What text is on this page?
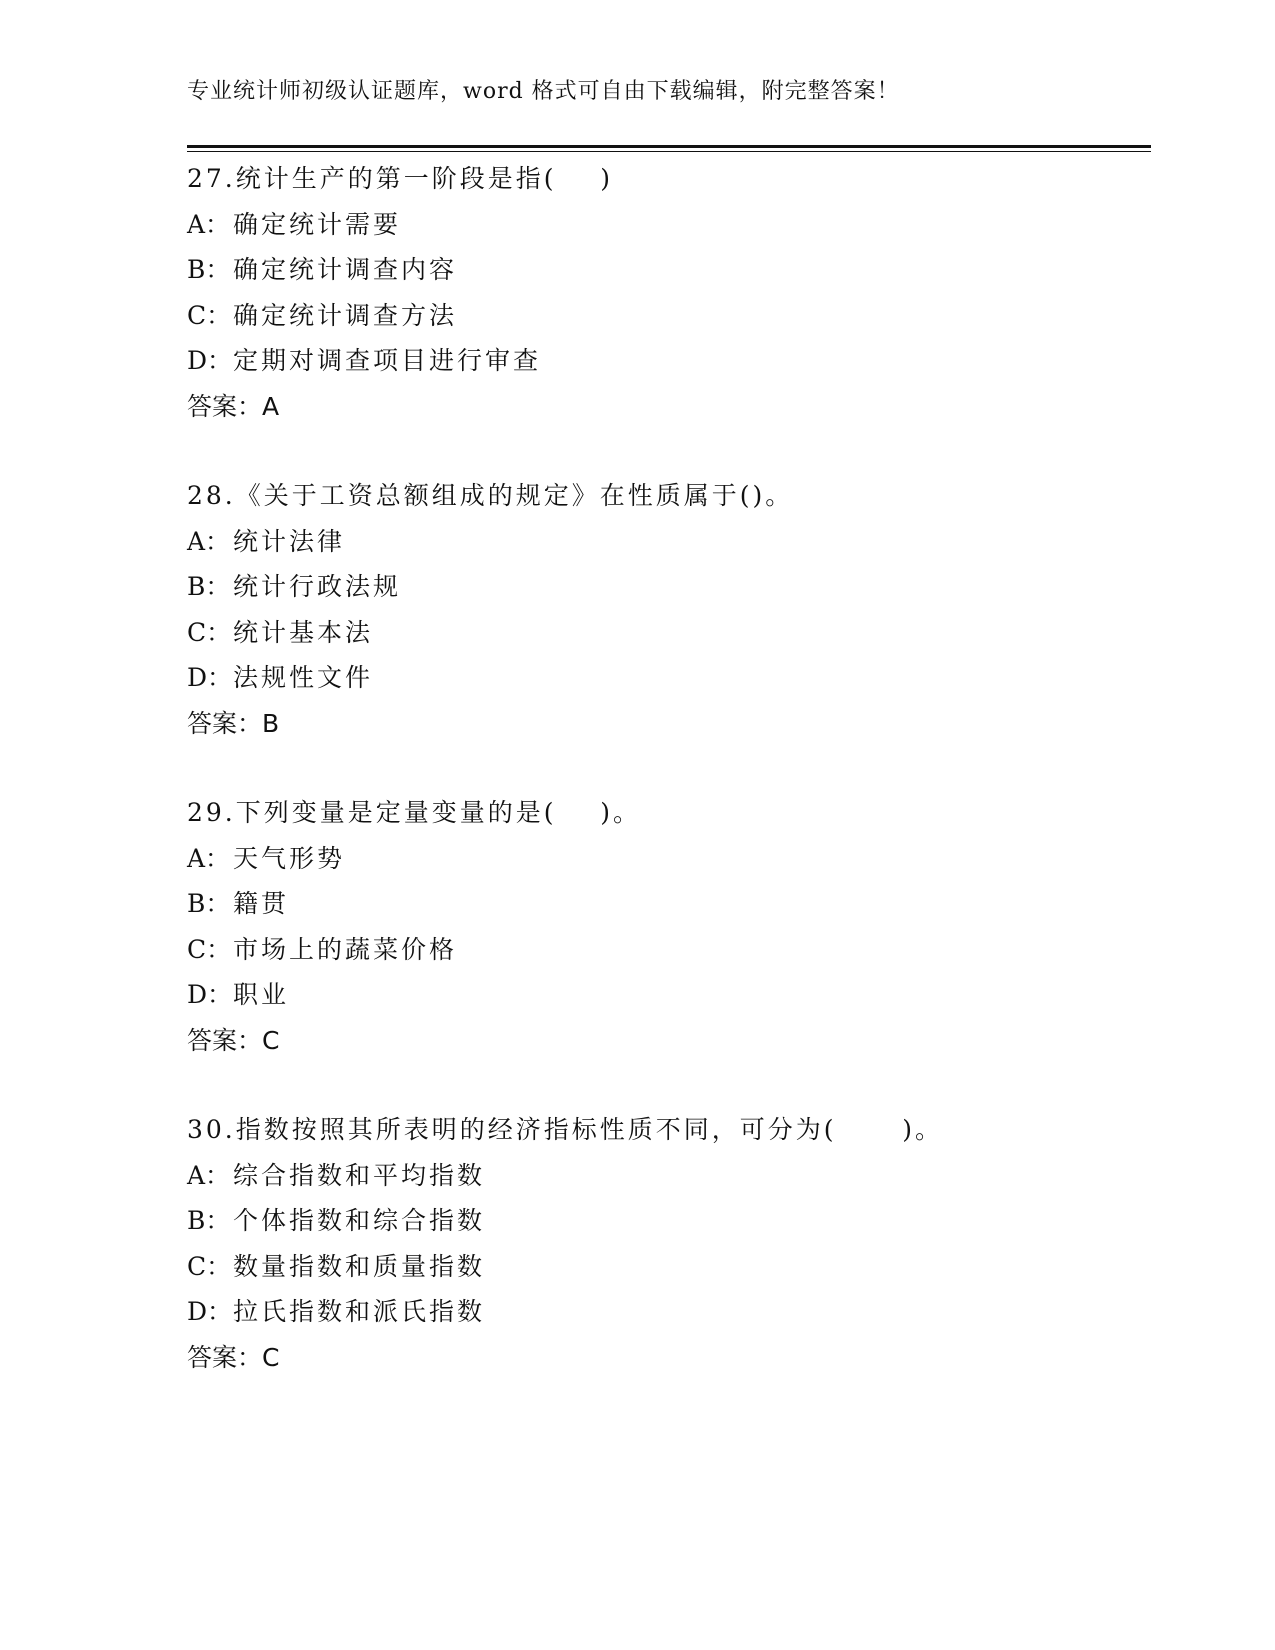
专业统计师初级认证题库，word 格式可自由下载编辑，附完整答案！
27.统计生产的第一阶段是指(    )
A： 确定统计需要
B： 确定统计调查内容
C：确定统计调查方法
D：定期对调查项目进行审查
答案：A
28.《关于工资总额组成的规定》在性质属于()。
A： 统计法律
B： 统计行政法规
C：统计基本法
D：法规性文件
答案：B
29.下列变量是定量变量的是(    )。
A： 天气形势
B： 籍贯
C：市场上的蔬菜价格
D：职业
答案：C
30.指数按照其所表明的经济指标性质不同，可分为(      )。
A： 综合指数和平均指数
B： 个体指数和综合指数
C：数量指数和质量指数
D：拉氏指数和派氏指数
答案：C
